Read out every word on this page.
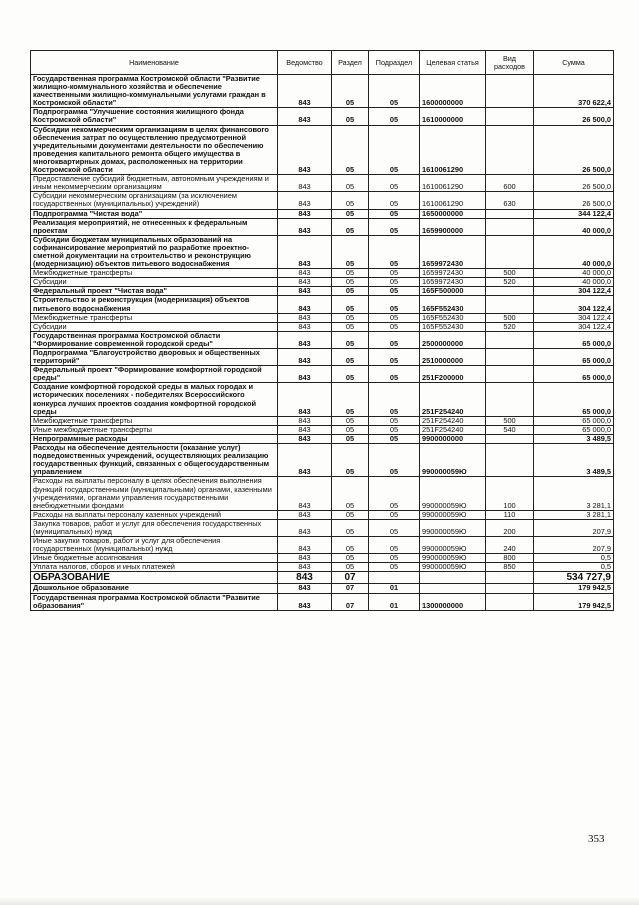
Наименование	Ведомство	Раздел	Подраздел	Целевая статья	Вид расходов	Сумма
Государственная программа Костромской области "Развитие жилищно-коммунального хозяйства и обеспечение качественными жилищно-коммунальными услугами граждан в Костромской области"	843	05	05	1600000000		370 622,4
Подпрограмма "Улучшение состояния жилищного фонда Костромской области"	843	05	05	1610000000		26 500,0
Субсидии некоммерческим организациям в целях финансового обеспечения затрат по осуществлению предусмотренной учредительными документами деятельности по обеспечению проведения капитального ремонта общего имущества в многоквартирных домах, расположенных на территории Костромской области	843	05	05	1610061290		26 500,0
Предоставление субсидий бюджетным, автономным учреждениям и иным некоммерческим организациям	843	05	05	1610061290	600	26 500,0
Субсидии некоммерческим организациям (за исключением государственных (муниципальных) учреждений)	843	05	05	1610061290	630	26 500,0
Подпрограмма "Чистая вода"	843	05	05	1650000000		344 122,4
Реализация мероприятий, не отнесенных к федеральным проектам	843	05	05	1659900000		40 000,0
Субсидии бюджетам муниципальных образований на софинансирование мероприятий по разработке проектно-сметной документации на строительство и реконструкцию (модернизацию) объектов питьевого водоснабжения	843	05	05	1659972430		40 000,0
Межбюджетные трансферты	843	05	05	1659972430	500	40 000,0
Субсидии	843	05	05	1659972430	520	40 000,0
Федеральный проект "Чистая вода"	843	05	05	165F500000		304 122,4
Строительство и реконструкция (модернизация) объектов питьевого водоснабжения	843	05	05	165F552430		304 122,4
Межбюджетные трансферты	843	05	05	165F552430	500	304 122,4
Субсидии	843	05	05	165F552430	520	304 122,4
Государственная программа Костромской области "Формирование современной городской среды"	843	05	05	2500000000		65 000,0
Подпрограмма "Благоустройство дворовых и общественных территорий"	843	05	05	2510000000		65 000,0
Федеральный проект "Формирование комфортной городской среды"	843	05	05	251F200000		65 000,0
Создание комфортной городской среды в малых городах и исторических поселениях - победителях Всероссийского конкурса лучших проектов создания комфортной городской среды	843	05	05	251F254240		65 000,0
Межбюджетные трансферты	843	05	05	251F254240	500	65 000,0
Иные межбюджетные трансферты	843	05	05	251F254240	540	65 000,0
Непрограммные расходы	843	05	05	9900000000		3 489,5
Расходы на обеспечение деятельности (оказание услуг) подведомственных учреждений, осуществляющих реализацию государственных функций, связанных с общегосударственным управлением	843	05	05	990000059Ю		3 489,5
Расходы на выплаты персоналу в целях обеспечения выполнения функций государственными (муниципальными) органами, казенными учреждениями, органами управления государственными внебюджетными фондами	843	05	05	990000059Ю	100	3 281,1
Расходы на выплаты персоналу казенных учреждений	843	05	05	990000059Ю	110	3 281,1
Закупка товаров, работ и услуг для обеспечения государственных (муниципальных) нужд	843	05	05	990000059Ю	200	207,9
Иные закупки товаров, работ и услуг для обеспечения государственных (муниципальных) нужд	843	05	05	990000059Ю	240	207,9
Иные бюджетные ассигнования	843	05	05	990000059Ю	800	0,5
Уплата налогов, сборов и иных платежей	843	05	05	990000059Ю	850	0,5
ОБРАЗОВАНИЕ	843	07				534 727,9
Дошкольное образование	843	07	01			179 942,5
Государственная программа Костромской области "Развитие образования"	843	07	01	1300000000		179 942,5
353
